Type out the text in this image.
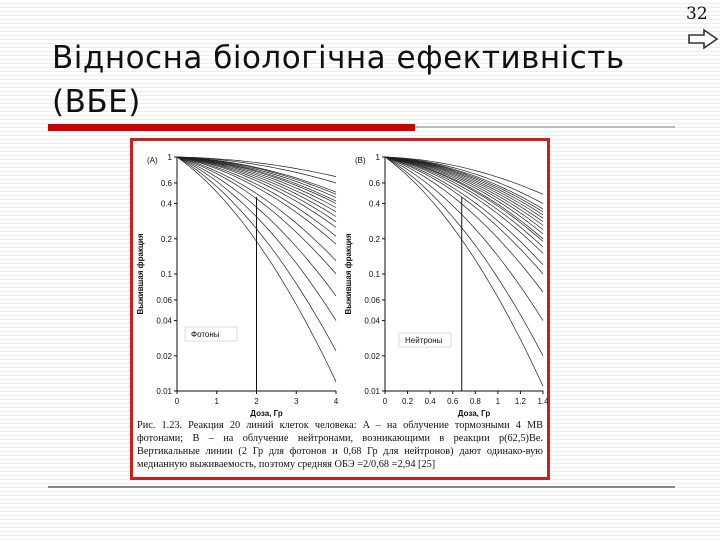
32
Відносна біологічна ефективність
(ВБЕ)
(A) 1
0.6
0.4
0.2
0.1
0.06
0.04
0.02
0.01
0	1	2	3	4
Выжившая фракция
Доза, Гр
Фотоны
(B) 1
0.6
0.4
0.2
0.1
0.06
0.04
0.02
0.01
0 0.2 0.4 0.6 0.8 1 1.2 1.4
Выжившая фракция
Доза, Гр
Нейтроны
Рис. 1.23. Реакция 20 линий клеток человека: A – на облучение тормозными 4 МВ фотонами; B – на облучение нейтронами, возникающими в реакции p(62,5)Be. Вертикальные линии (2 Гр для фотонов и 0,68 Гр для нейтронов) дают одинако-вую медианную выживаемость, поэтому средняя ОБЭ =2/0,68 =2,94 [25]
